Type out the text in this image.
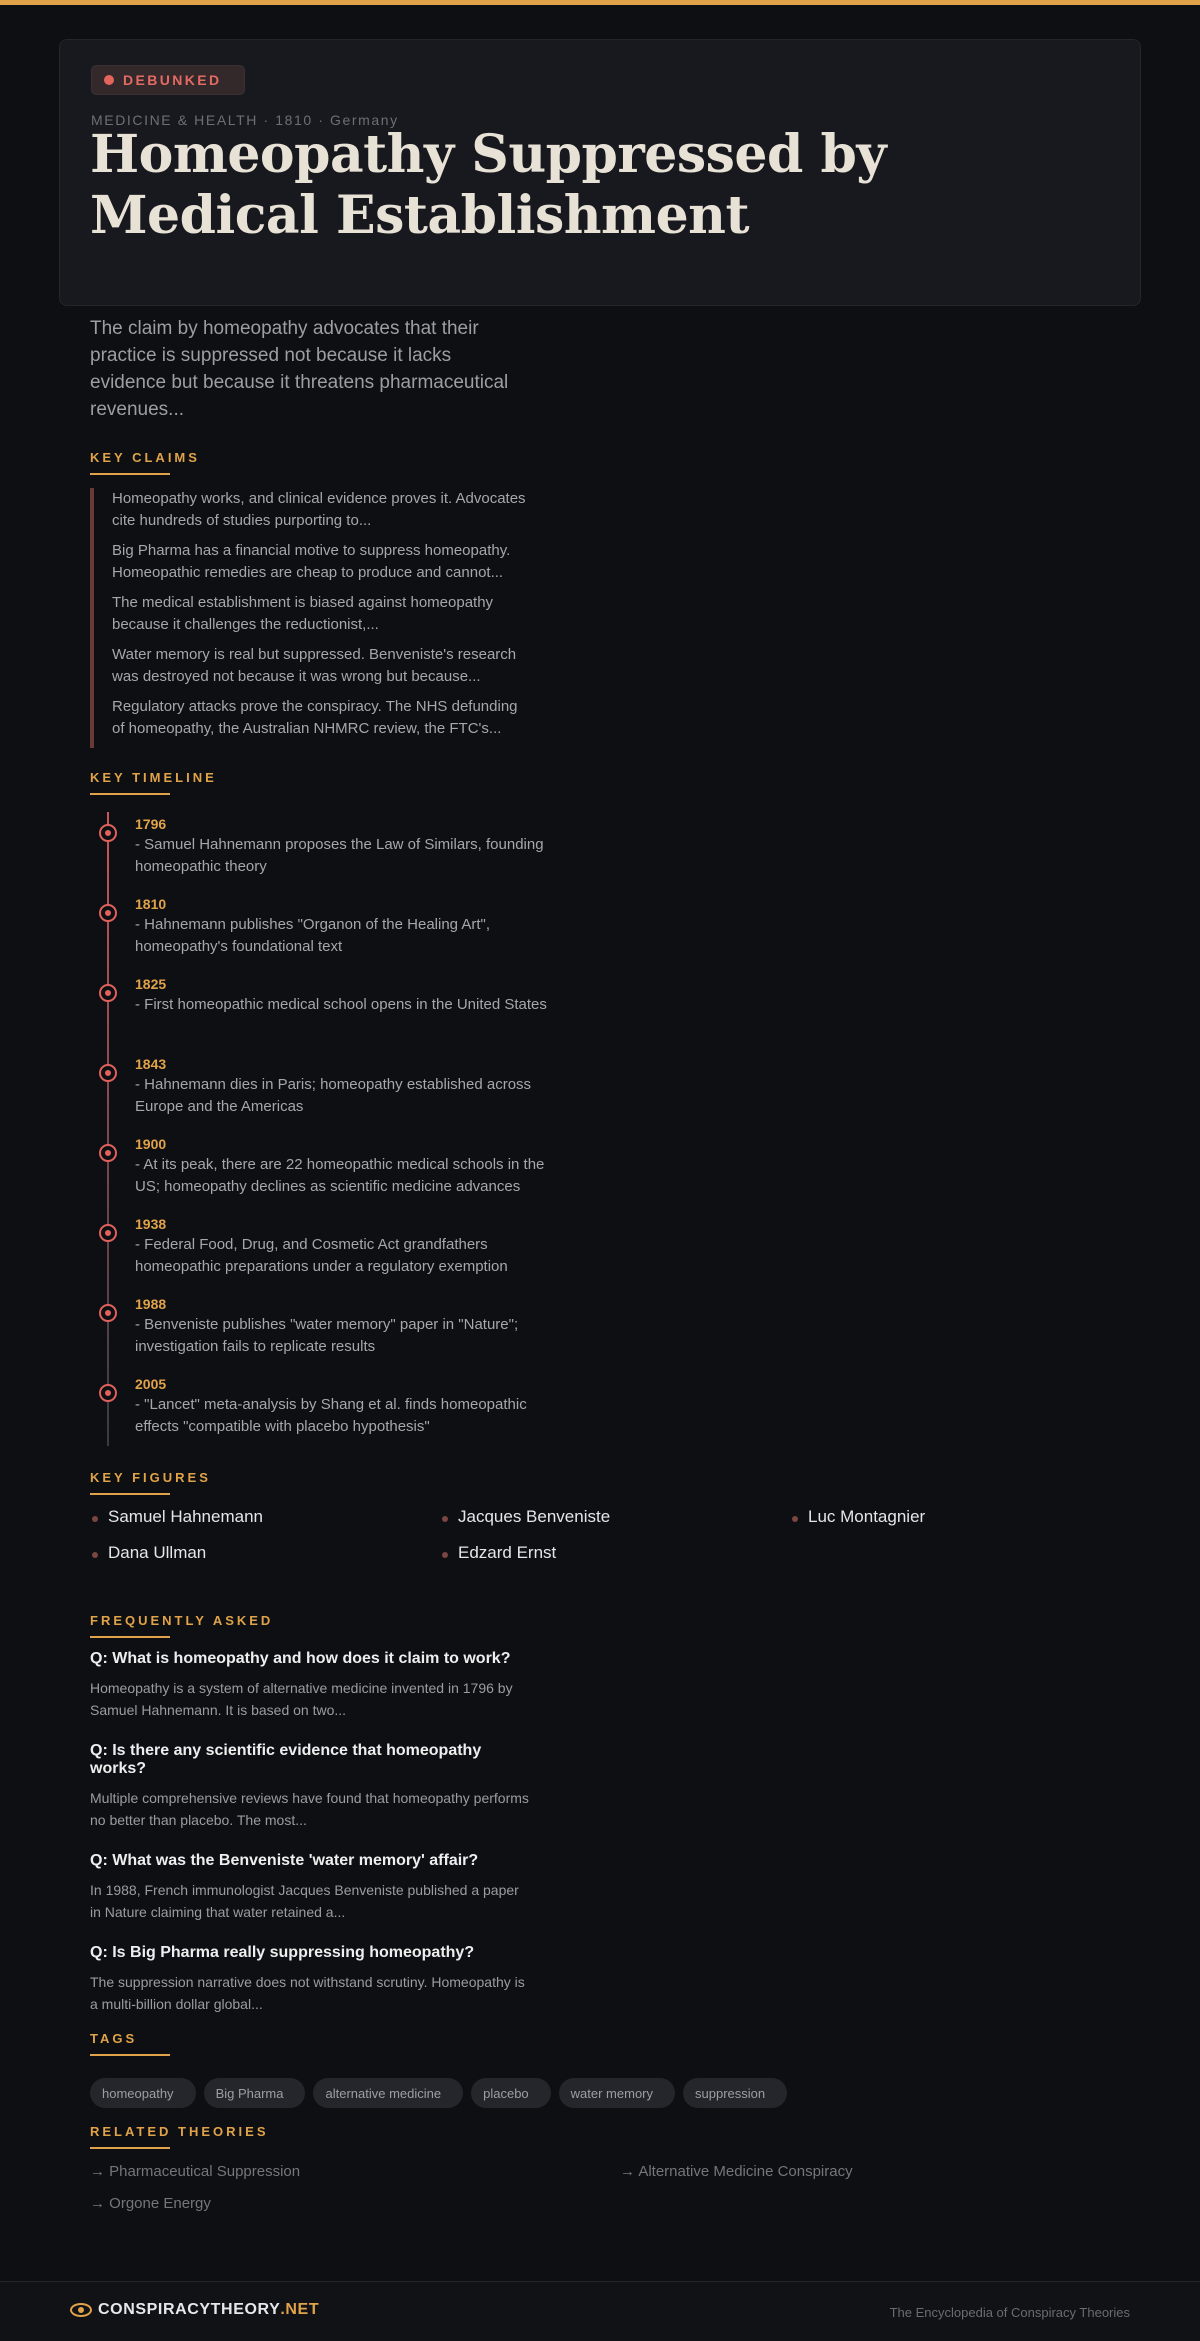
DEBUNKED
MEDICINE & HEALTH · 1810 · Germany
Homeopathy Suppressed by Medical Establishment

The claim by homeopathy advocates that their practice is suppressed not because it lacks evidence but because it threatens pharmaceutical revenues...

KEY CLAIMS
Homeopathy works, and clinical evidence proves it. Advocates cite hundreds of studies purporting to...
Big Pharma has a financial motive to suppress homeopathy. Homeopathic remedies are cheap to produce and cannot...
The medical establishment is biased against homeopathy because it challenges the reductionist,...
Water memory is real but suppressed. Benveniste's research was destroyed not because it was wrong but because...
Regulatory attacks prove the conspiracy. The NHS defunding of homeopathy, the Australian NHMRC review, the FTC's...
KEY TIMELINE
1796
- Samuel Hahnemann proposes the Law of Similars, founding homeopathic theory
1810
- Hahnemann publishes "Organon of the Healing Art", homeopathy's foundational text
1825
- First homeopathic medical school opens in the United States
1843
- Hahnemann dies in Paris; homeopathy established across Europe and the Americas
1900
- At its peak, there are 22 homeopathic medical schools in the US; homeopathy declines as scientific medicine advances
1938
- Federal Food, Drug, and Cosmetic Act grandfathers homeopathic preparations under a regulatory exemption
1988
- Benveniste publishes "water memory" paper in "Nature"; investigation fails to replicate results
2005
- "Lancet" meta-analysis by Shang et al. finds homeopathic effects "compatible with placebo hypothesis"
KEY FIGURES
Samuel Hahnemann	Jacques Benveniste	Luc Montagnier
Dana Ullman	Edzard Ernst
FREQUENTLY ASKED
Q: What is homeopathy and how does it claim to work?
Homeopathy is a system of alternative medicine invented in 1796 by Samuel Hahnemann. It is based on two...
Q: Is there any scientific evidence that homeopathy works?
Multiple comprehensive reviews have found that homeopathy performs no better than placebo. The most...
Q: What was the Benveniste 'water memory' affair?
In 1988, French immunologist Jacques Benveniste published a paper in Nature claiming that water retained a...
Q: Is Big Pharma really suppressing homeopathy?
The suppression narrative does not withstand scrutiny. Homeopathy is a multi-billion dollar global...
TAGS
homeopathy	Big Pharma	alternative medicine	placebo	water memory	suppression
RELATED THEORIES
→ Pharmaceutical Suppression	→ Alternative Medicine Conspiracy
→ Orgone Energy
CONSPIRACYTHEORY .NET	The Encyclopedia of Conspiracy Theories
